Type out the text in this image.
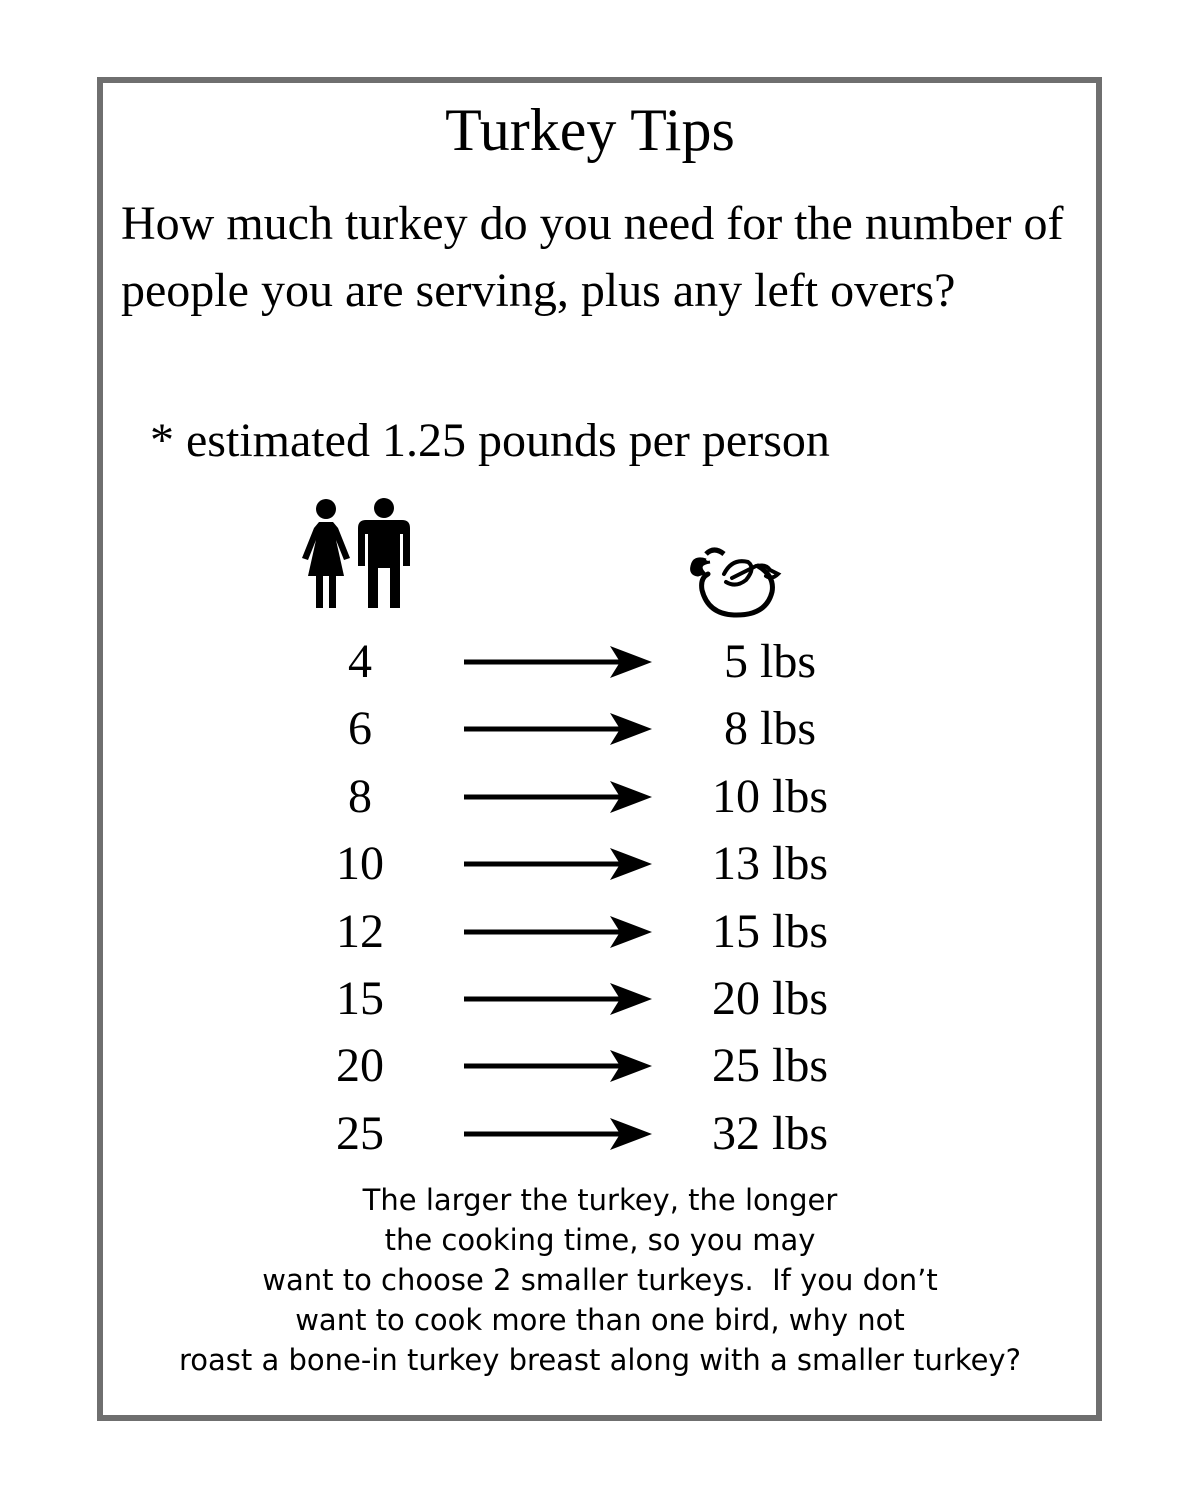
Turkey Tips

How much turkey do you need for the number of people you are serving, plus any left overs?

* estimated 1.25 pounds per person

4	5 lbs
6	8 lbs
8	10 lbs
10	13 lbs
12	15 lbs
15	20 lbs
20	25 lbs
25	32 lbs
The larger the turkey, the longer
the cooking time, so you may
want to choose 2 smaller turkeys.  If you don’t
want to cook more than one bird, why not
roast a bone-in turkey breast along with a smaller turkey?
